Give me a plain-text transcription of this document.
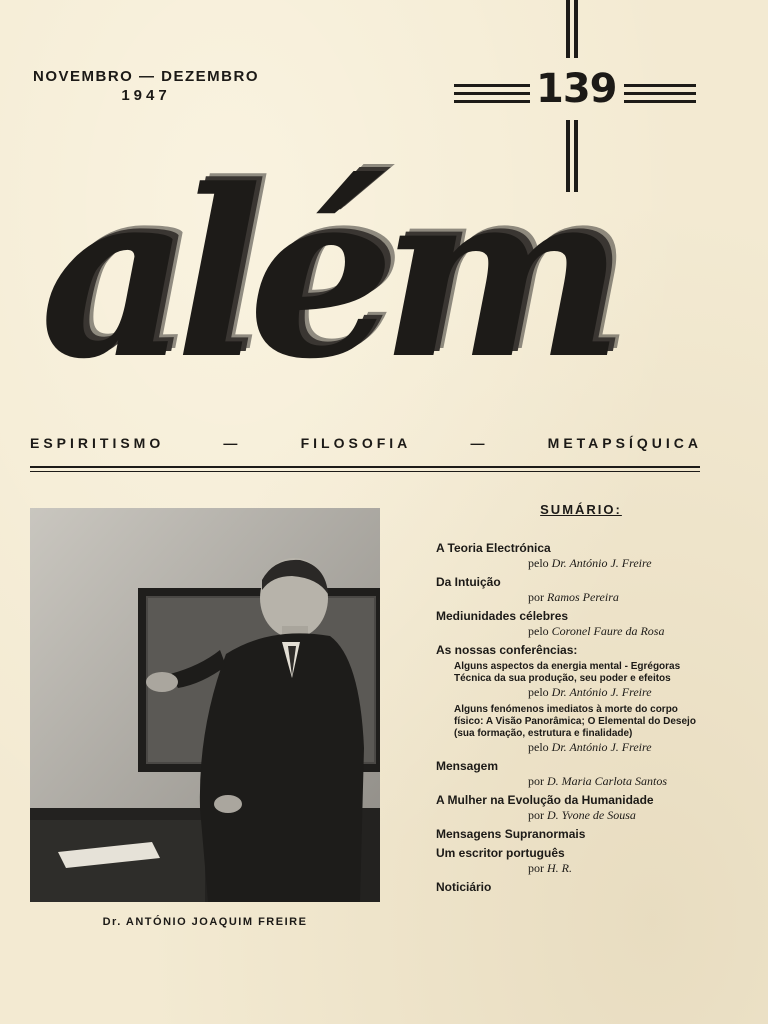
NOVEMBRO — DEZEMBRO
1947	139
além
ESPIRITISMO	—	FILOSOFIA	—	METAPSÍQUICA
Dr. ANTÓNIO JOAQUIM FREIRE
SUMÁRIO:
A Teoria Electrónica
pelo Dr. António J. Freire
Da Intuição
por Ramos Pereira
Mediunidades célebres
pelo Coronel Faure da Rosa
As nossas conferências:
Alguns aspectos da energia mental - Egrégoras Técnica da sua produção, seu poder e efeitos
pelo Dr. António J. Freire
Alguns fenómenos imediatos à morte do corpo físico: A Visão Panorâmica; O Elemental do Desejo (sua formação, estrutura e finalidade)
pelo Dr. António J. Freire
Mensagem
por D. Maria Carlota Santos
A Mulher na Evolução da Humanidade
por D. Yvone de Sousa
Mensagens Supranormais
Um escritor português
por H. R.
Noticiário
